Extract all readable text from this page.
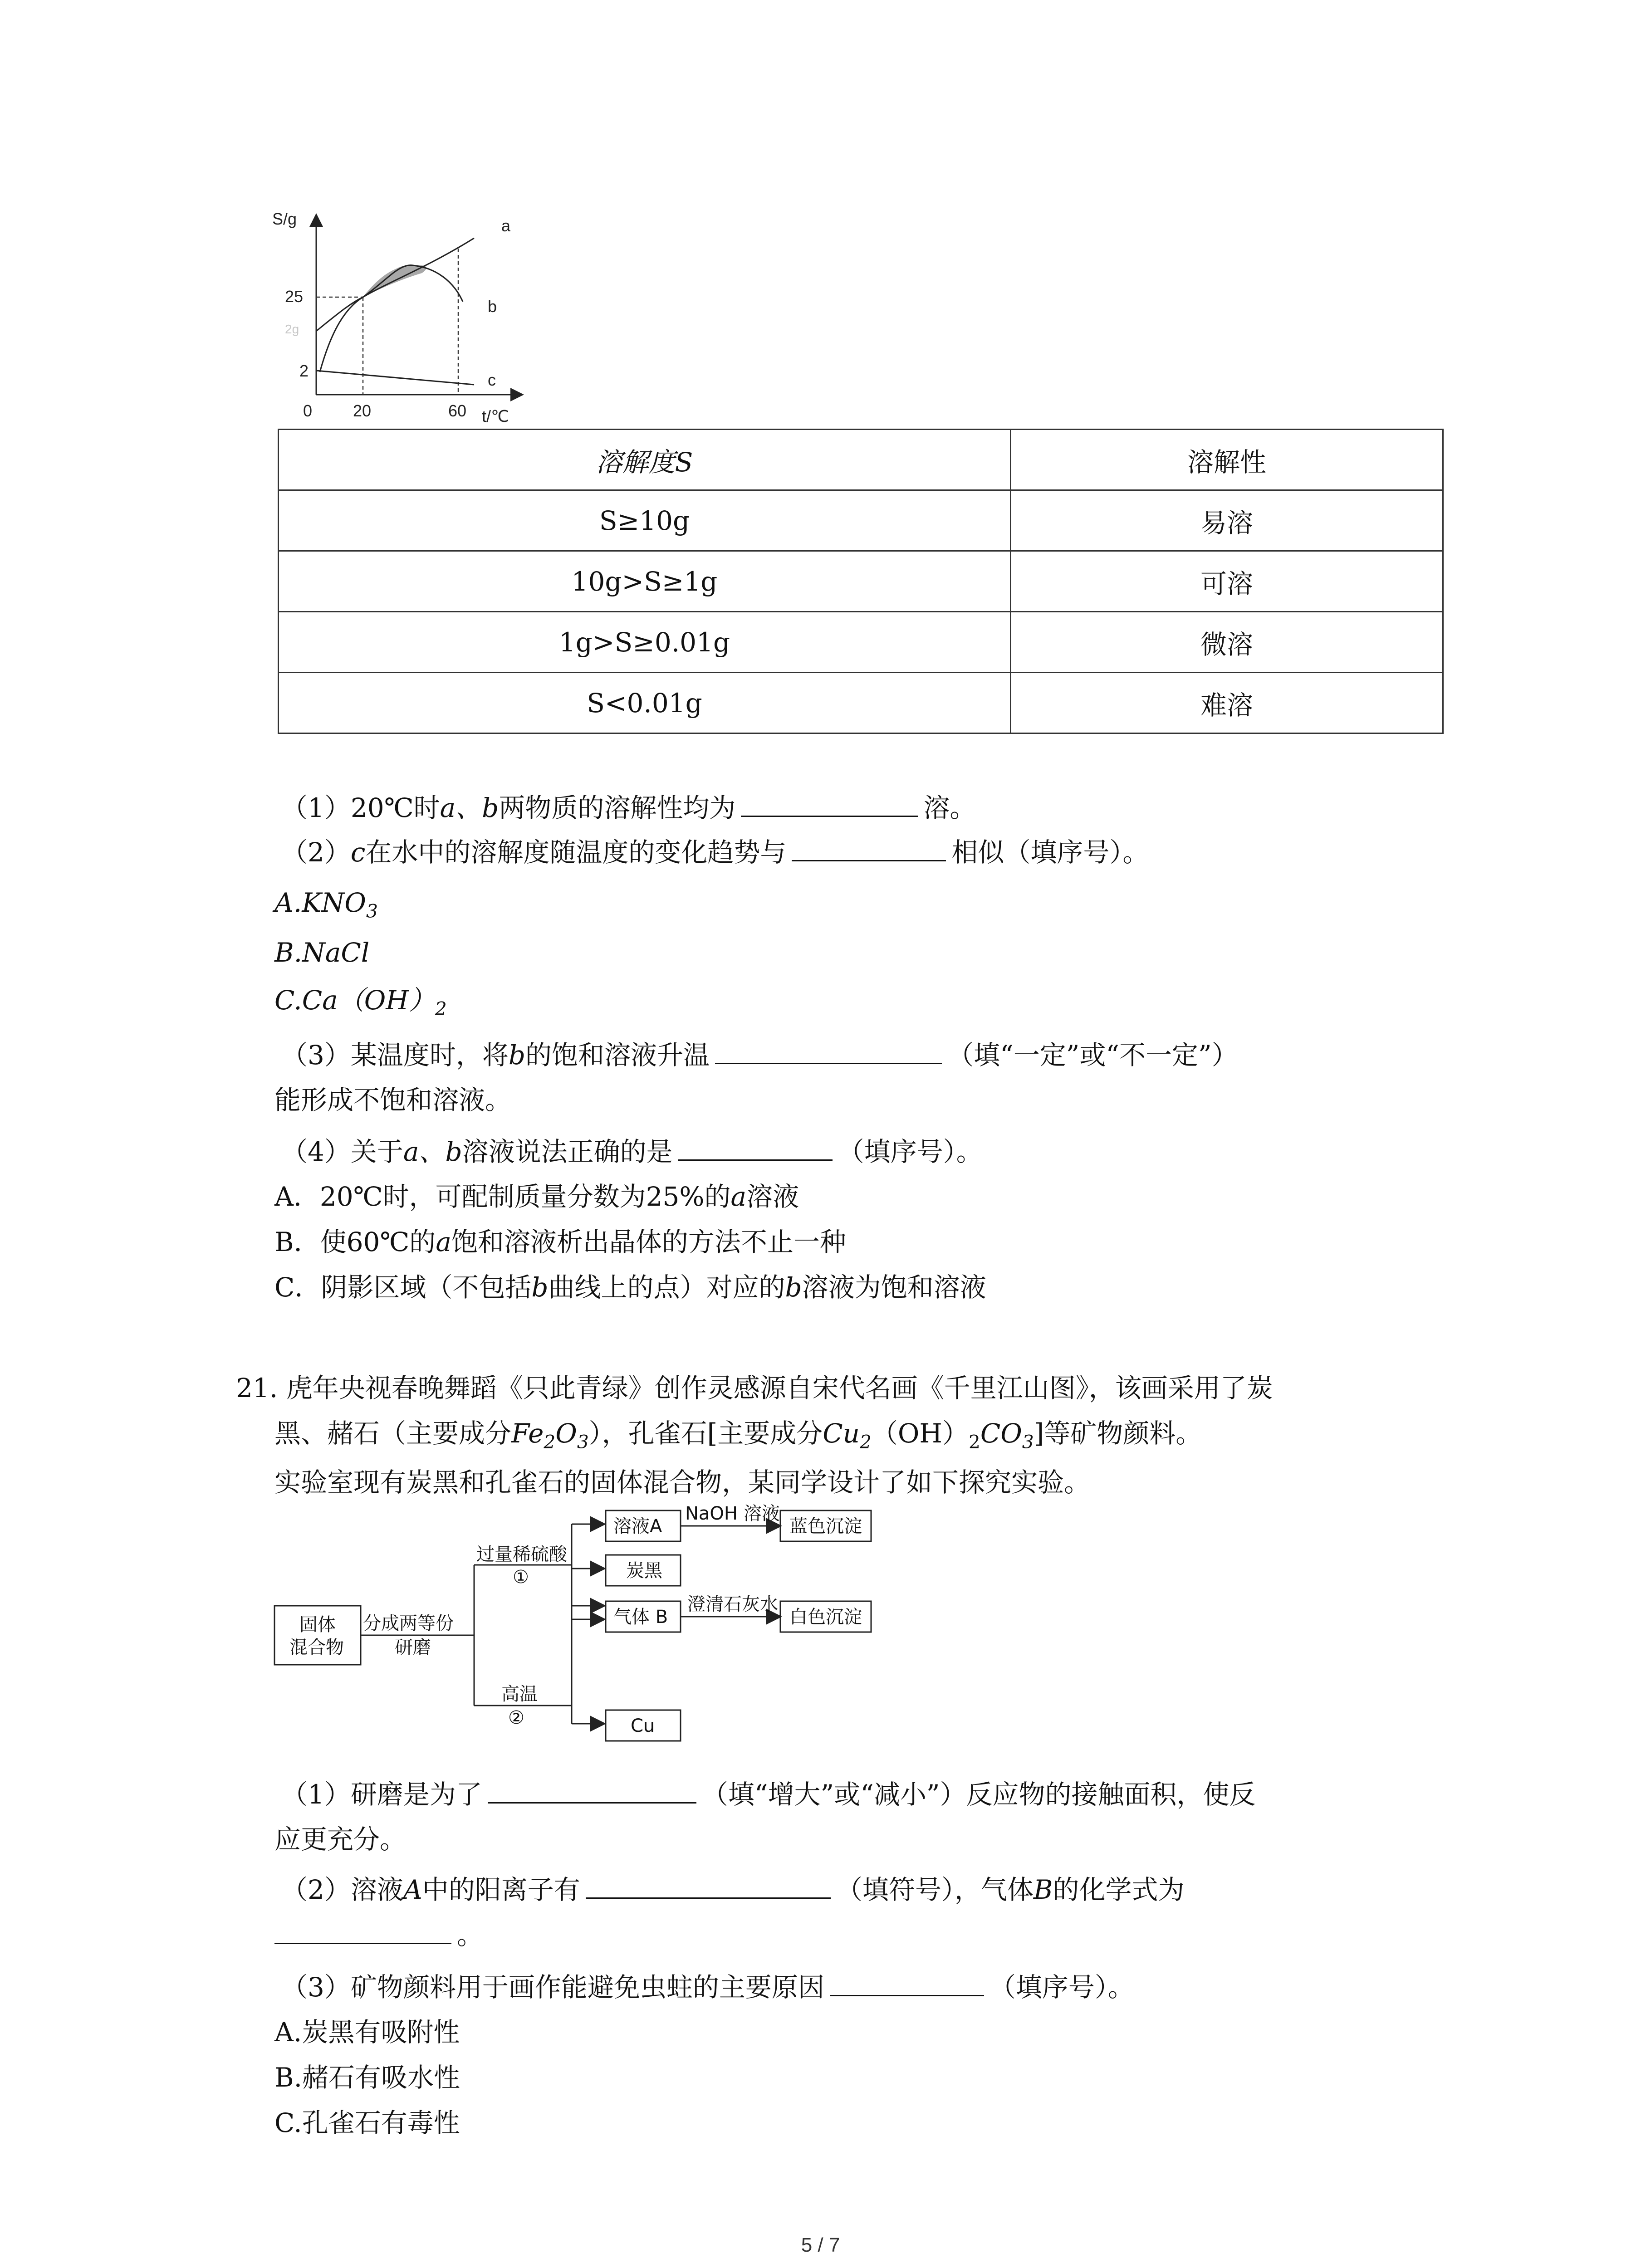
S/g
t/℃
25
2
2g
0 20	60
a
b
c
溶解度S	溶解性
S≥10g	易溶
10g>S≥1g	可溶
1g>S≥0.01g	微溶
S<0.01g	难溶
（1）20℃时a、b两物质的溶解性均为	溶。
（2）c在水中的溶解度随温度的变化趋势与	相似（填序号）。
$A.KNO_3$
B.NaCl
$C.Ca(OH)_2$
（3）某温度时，将b的饱和溶液升温	（填“一定”或“不一定”）
能形成不饱和溶液。
（4）关于a、b溶液说法正确的是	（填序号）。
A．20℃时，可配制质量分数为25%的a溶液
B．使60℃的a饱和溶液析出晶体的方法不止一种
C．阴影区域（不包括b曲线上的点）对应的b溶液为饱和溶液
21. 虎年央视春晚舞蹈《只此青绿》创作灵感源自宋代名画《千里江山图》，该画采用了炭
黑、赭石（主要成分$Fe_2O_3$），孔雀石[主要成分$Cu_2(OH)_2CO_3$]等矿物颜料。
实验室现有炭黑和孔雀石的固体混合物，某同学设计了如下探究实验。
固体
混合物
分成两等份
研磨
过量稀硫酸
①
高温
②
溶液A
NaOH 溶液
蓝色沉淀
炭黑
气体 B
澄清石灰水
白色沉淀
Cu
（1）研磨是为了	（填“增大”或“减小”）反应物的接触面积，使反
应更充分。
（2）溶液A中的阳离子有	（填符号），气体B的化学式为
。
（3）矿物颜料用于画作能避免虫蛀的主要原因	（填序号）。
A.炭黑有吸附性
B.赭石有吸水性
C.孔雀石有毒性
5 / 7
